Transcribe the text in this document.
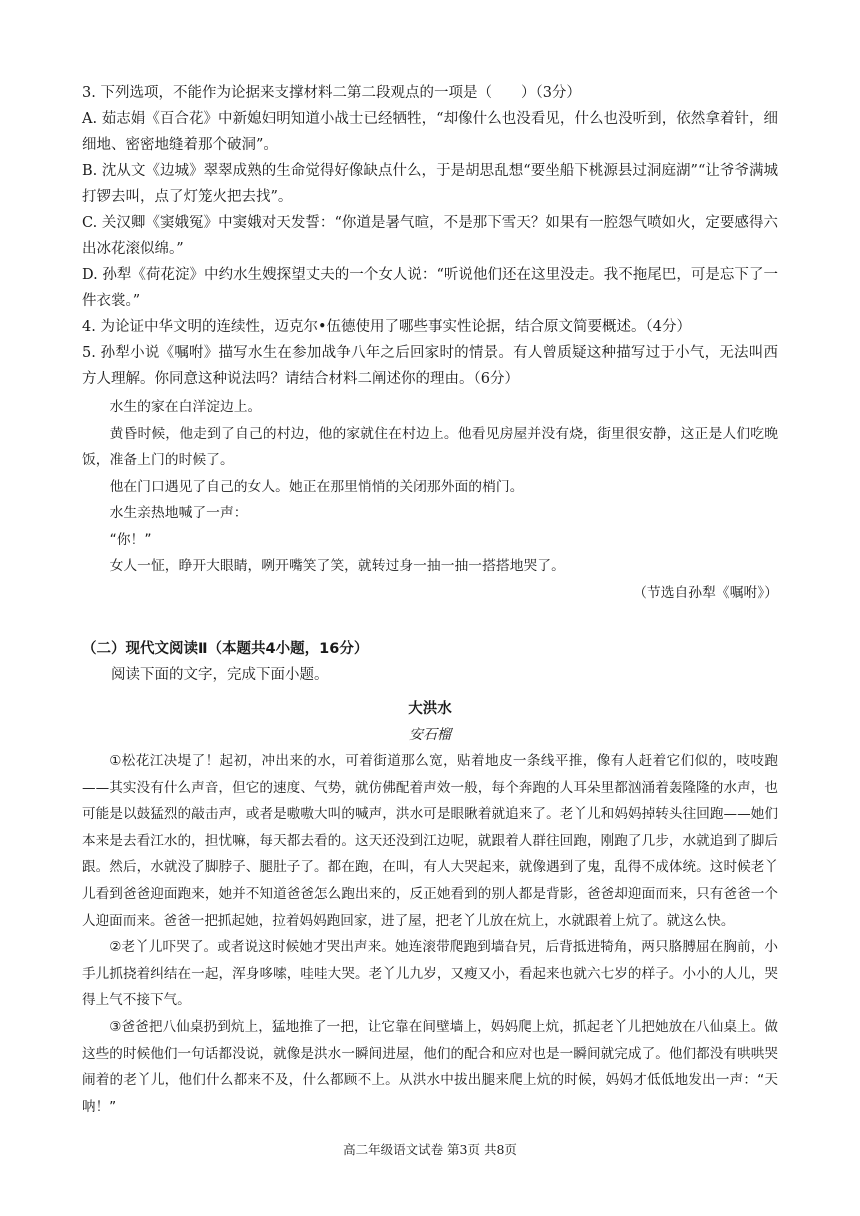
3. 下列选项，不能作为论据来支撑材料二第二段观点的一项是（　　）（3分）

A. 茹志娟《百合花》中新媳妇明知道小战士已经牺牲，“却像什么也没看见，什么也没听到，依然拿着针，细细地、密密地缝着那个破洞”。

B. 沈从文《边城》翠翠成熟的生命觉得好像缺点什么，于是胡思乱想“要坐船下桃源县过洞庭湖”“让爷爷满城打锣去叫，点了灯笼火把去找”。

C. 关汉卿《窦娥冤》中窦娥对天发誓：“你道是暑气暄，不是那下雪天？如果有一腔怨气喷如火，定要感得六出冰花滚似绵。”

D. 孙犁《荷花淀》中约水生嫂探望丈夫的一个女人说：“听说他们还在这里没走。我不拖尾巴，可是忘下了一件衣裳。”

4. 为论证中华文明的连续性，迈克尔•伍德使用了哪些事实性论据，结合原文简要概述。（4分）

5. 孙犁小说《嘱咐》描写水生在参加战争八年之后回家时的情景。有人曾质疑这种描写过于小气，无法叫西方人理解。你同意这种说法吗？请结合材料二阐述你的理由。（6分）

水生的家在白洋淀边上。

黄昏时候，他走到了自己的村边，他的家就住在村边上。他看见房屋并没有烧，街里很安静，这正是人们吃晚饭，准备上门的时候了。

他在门口遇见了自己的女人。她正在那里悄悄的关闭那外面的梢门。

水生亲热地喊了一声：

“你！”

女人一怔，睁开大眼睛，咧开嘴笑了笑，就转过身一抽一抽一搭搭地哭了。

（节选自孙犁《嘱咐》）
（二）现代文阅读Ⅱ（本题共4小题，16分）

阅读下面的文字，完成下面小题。

大洪水
安石榴

①松花江决堤了！起初，冲出来的水，可着街道那么宽，贴着地皮一条线平推，像有人赶着它们似的，吱吱跑——其实没有什么声音，但它的速度、气势，就仿佛配着声效一般，每个奔跑的人耳朵里都汹涌着轰隆隆的水声，也可能是以鼓猛烈的敲击声，或者是嗷嗷大叫的喊声，洪水可是眼瞅着就追来了。老丫儿和妈妈掉转头往回跑——她们本来是去看江水的，担忧嘛，每天都去看的。这天还没到江边呢，就跟着人群往回跑，刚跑了几步，水就追到了脚后跟。然后，水就没了脚脖子、腿肚子了。都在跑，在叫，有人大哭起来，就像遇到了鬼，乱得不成体统。这时候老丫儿看到爸爸迎面跑来，她并不知道爸爸怎么跑出来的，反正她看到的别人都是背影，爸爸却迎面而来，只有爸爸一个人迎面而来。爸爸一把抓起她，拉着妈妈跑回家，进了屋，把老丫儿放在炕上，水就跟着上炕了。就这么快。

②老丫儿吓哭了。或者说这时候她才哭出声来。她连滚带爬跑到墙旮旯，后背抵进犄角，两只胳膊屈在胸前，小手儿抓挠着纠结在一起，浑身哆嗦，哇哇大哭。老丫儿九岁，又瘦又小，看起来也就六七岁的样子。小小的人儿，哭得上气不接下气。

③爸爸把八仙桌扔到炕上，猛地推了一把，让它靠在间壁墙上，妈妈爬上炕，抓起老丫儿把她放在八仙桌上。做这些的时候他们一句话都没说，就像是洪水一瞬间进屋，他们的配合和应对也是一瞬间就完成了。他们都没有哄哄哭闹着的老丫儿，他们什么都来不及，什么都顾不上。从洪水中拔出腿来爬上炕的时候，妈妈才低低地发出一声：“天呐！”

高二年级语文试卷 第3页 共8页
